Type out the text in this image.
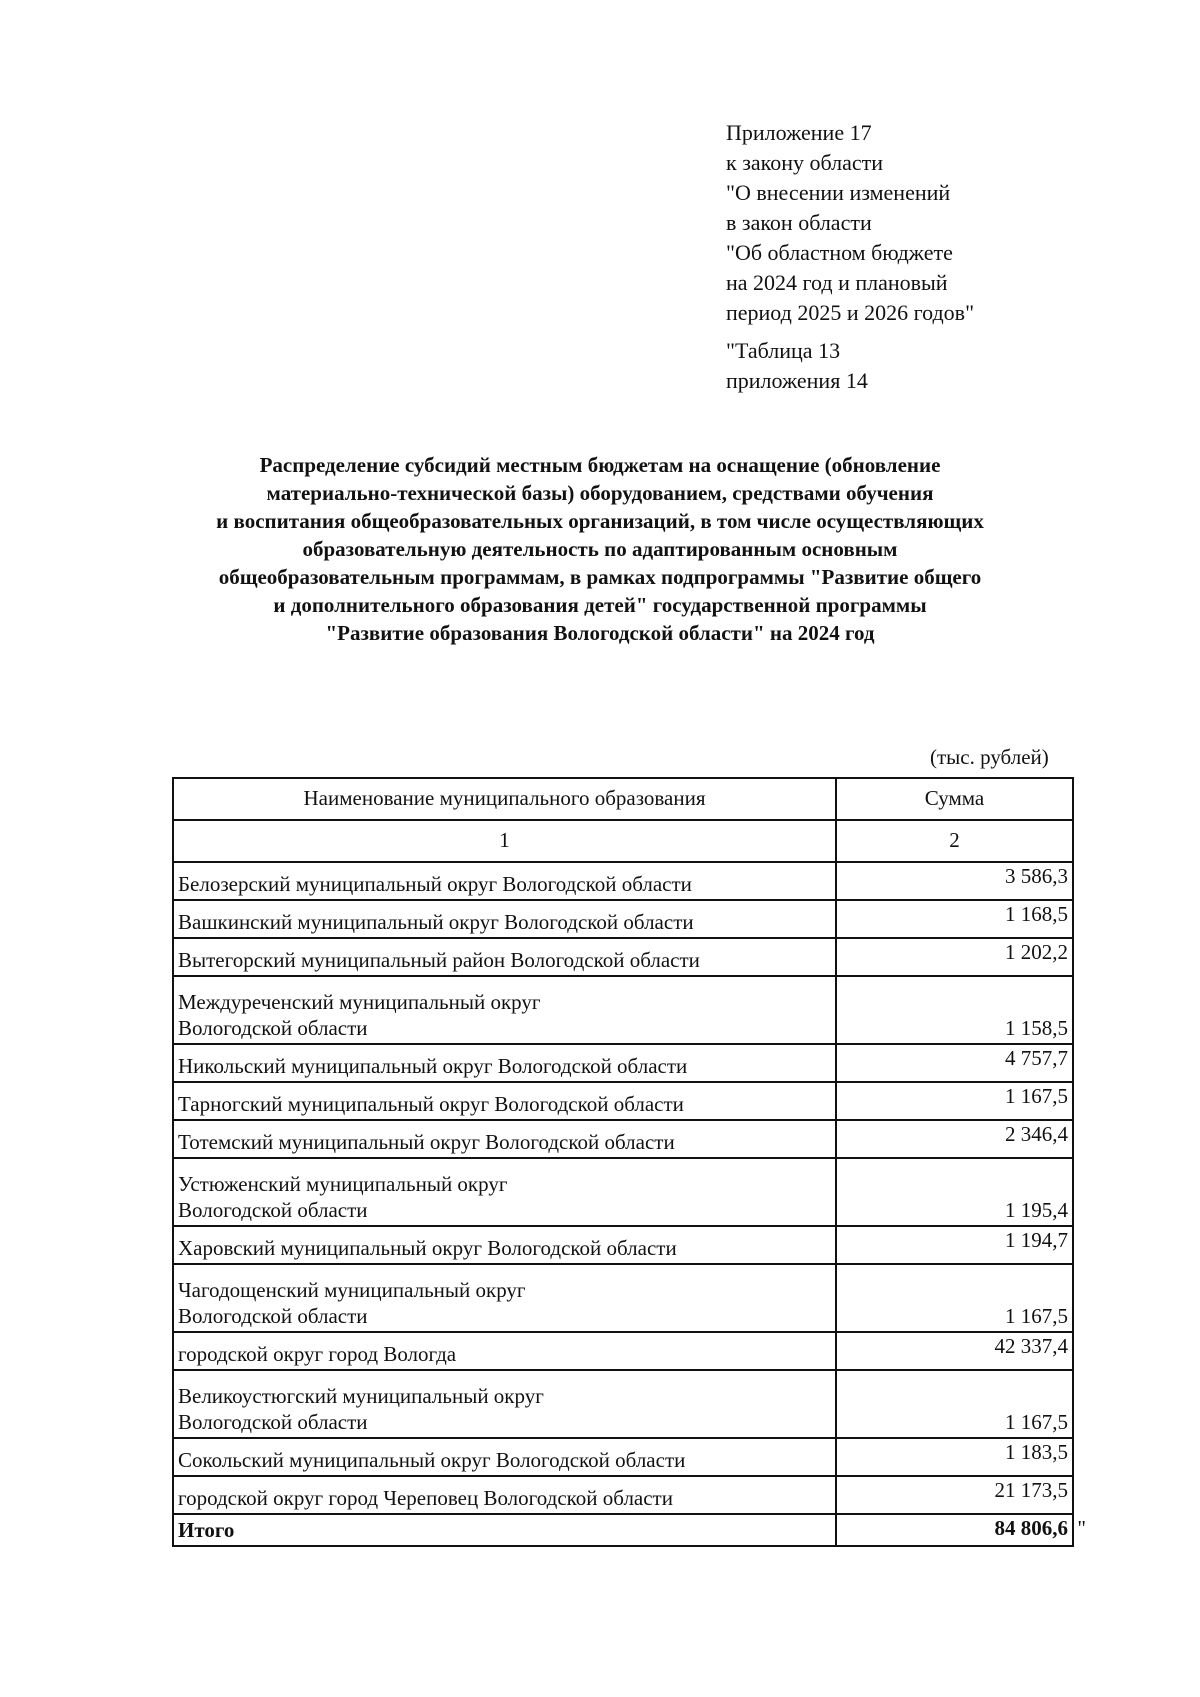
Приложение 17
к закону области
"О внесении изменений
в закон области
"Об областном бюджете
на 2024 год и плановый
период 2025 и 2026 годов"
"Таблица 13
приложения 14
Распределение субсидий местным бюджетам на оснащение (обновление
материально-технической базы) оборудованием, средствами обучения
и воспитания общеобразовательных организаций, в том числе осуществляющих
образовательную деятельность по адаптированным основным
общеобразовательным программам, в рамках подпрограммы "Развитие общего
и дополнительного образования детей" государственной программы
"Развитие образования Вологодской области" на 2024 год
(тыс. рублей)
Наименование муниципального образования	Сумма
1	2

Белозерский муниципальный округ Вологодской области	3 586,3

Вашкинский муниципальный округ Вологодской области	1 168,5

Вытегорский муниципальный район Вологодской области	1 202,2

Междуреченский муниципальный округ
Вологодской области	1 158,5

Никольский муниципальный округ Вологодской области	4 757,7

Тарногский муниципальный округ Вологодской области	1 167,5

Тотемский муниципальный округ Вологодской области	2 346,4

Устюженский муниципальный округ
Вологодской области	1 195,4

Харовский муниципальный округ Вологодской области	1 194,7

Чагодощенский муниципальный округ
Вологодской области	1 167,5

городской округ город Вологда	42 337,4

Великоустюгский муниципальный округ
Вологодской области	1 167,5

Сокольский муниципальный округ Вологодской области	1 183,5

городской округ город Череповец Вологодской области	21 173,5
Итого	84 806,6 "
